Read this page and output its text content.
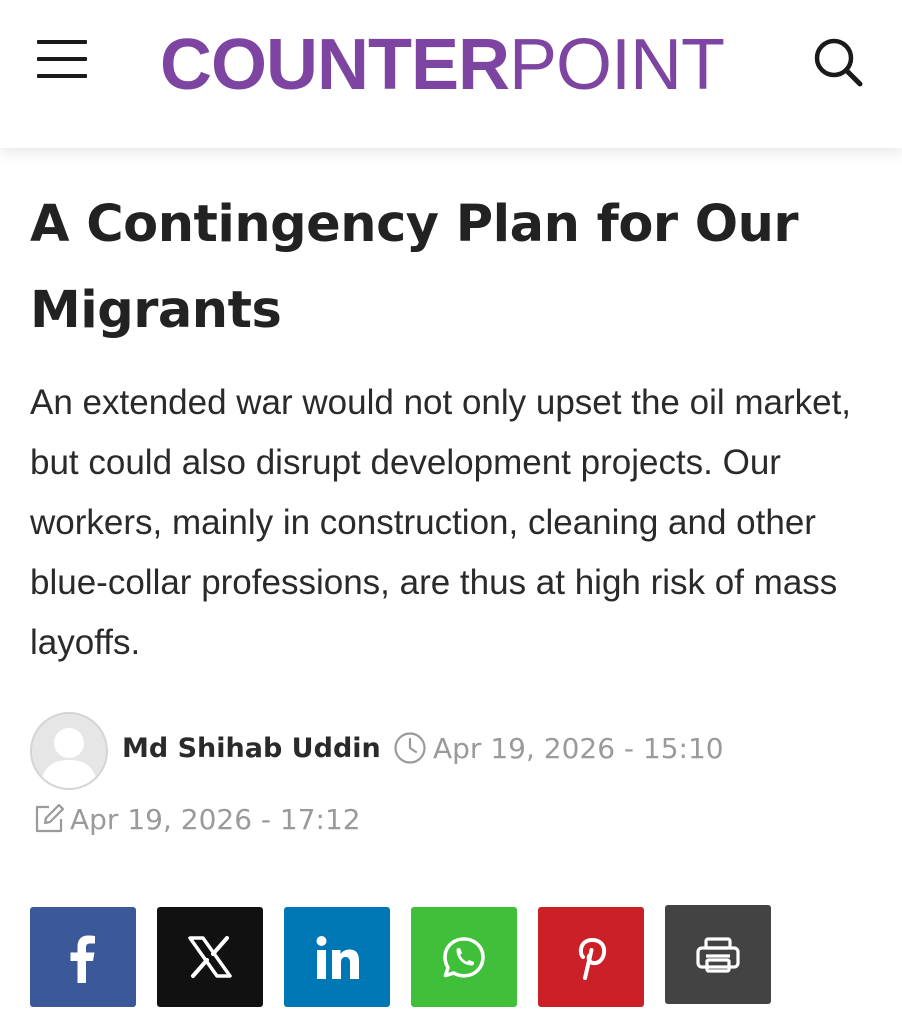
COUNTERPOINT
A Contingency Plan for Our Migrants

An extended war would not only upset the oil market, but could also disrupt development projects. Our workers, mainly in construction, cleaning and other blue-collar professions, are thus at high risk of mass layoffs.

Md Shihab Uddin Apr 19, 2026 - 15:10
Apr 19, 2026 - 17:12
